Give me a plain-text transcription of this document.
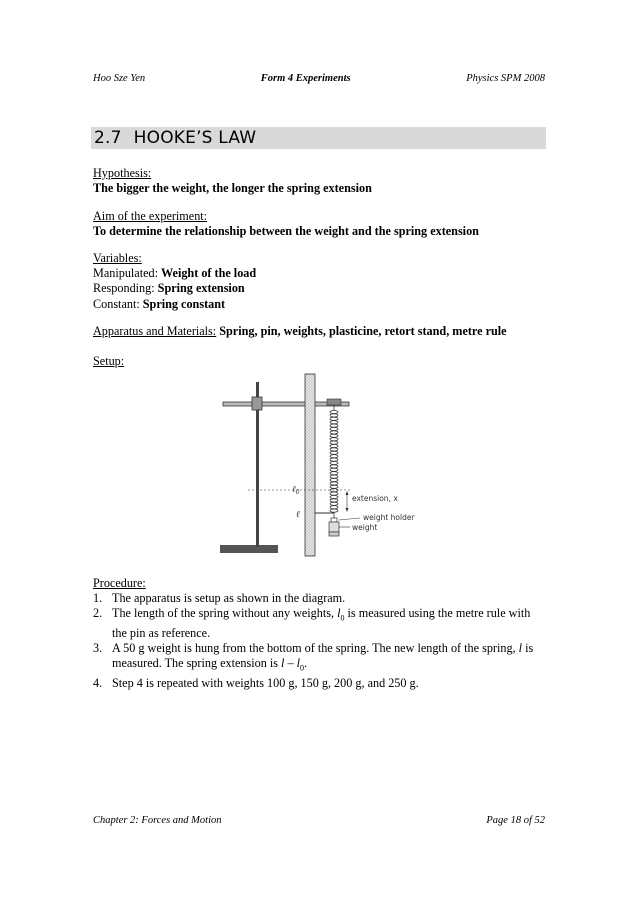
Hoo Sze Yen	Form 4 Experiments	Physics SPM 2008
2.7 HOOKE’S LAW
Hypothesis:
The bigger the weight, the longer the spring extension
Aim of the experiment:
To determine the relationship between the weight and the spring extension
Variables:
Manipulated: Weight of the load
Responding: Spring extension
Constant: Spring constant
Apparatus and Materials: Spring, pin, weights, plasticine, retort stand, metre rule
Setup:
ℓ$_0$
ℓ
extension, x
weight holder
weight
Procedure:
1. The apparatus is setup as shown in the diagram.
2. The length of the spring without any weights, $l_0$ is measured using the metre rule with the pin as reference.
3. A 50 g weight is hung from the bottom of the spring. The new length of the spring, l is measured. The spring extension is l – $l_0$.
4. Step 4 is repeated with weights 100 g, 150 g, 200 g, and 250 g.
Chapter 2: Forces and Motion	Page 18 of 52
